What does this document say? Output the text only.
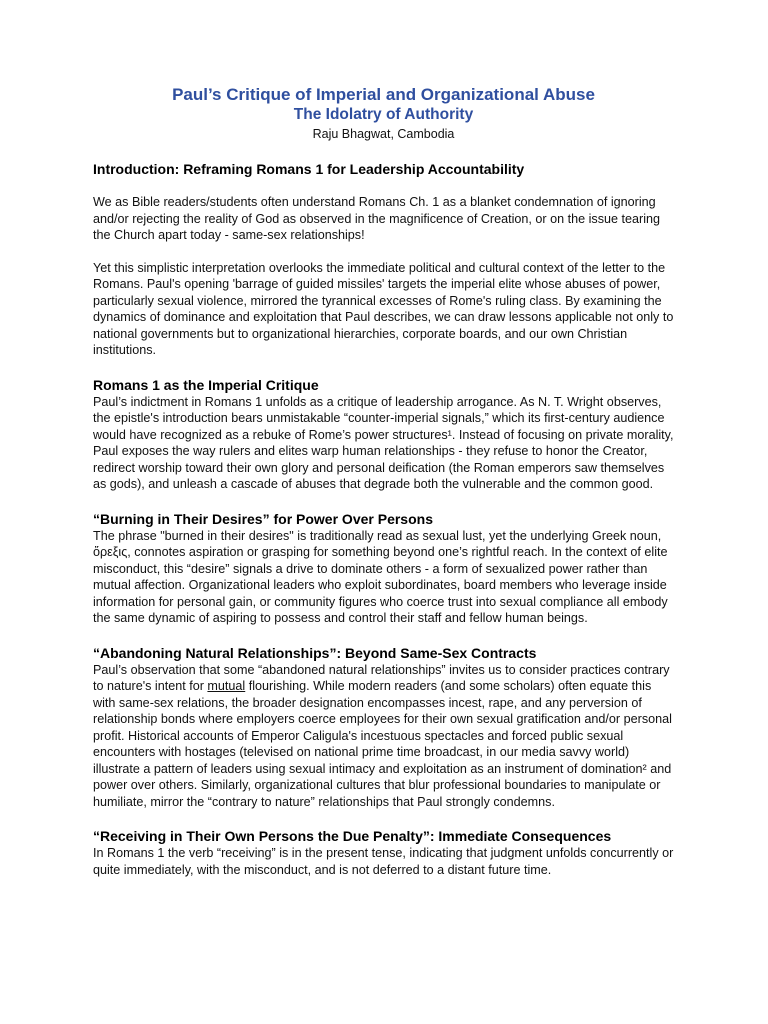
Paul’s Critique of Imperial and Organizational Abuse
The Idolatry of Authority
Raju Bhagwat, Cambodia
Introduction: Reframing Romans 1 for Leadership Accountability

We as Bible readers/students often understand Romans Ch. 1 as a blanket condemnation of ignoring and/or rejecting the reality of God as observed in the magnificence of Creation, or on the issue tearing the Church apart today - same-sex relationships!

Yet this simplistic interpretation overlooks the immediate political and cultural context of the letter to the Romans. Paul's opening 'barrage of guided missiles' targets the imperial elite whose abuses of power, particularly sexual violence, mirrored the tyrannical excesses of Rome's ruling class. By examining the dynamics of dominance and exploitation that Paul describes, we can draw lessons applicable not only to national governments but to organizational hierarchies, corporate boards, and our own Christian institutions.

Romans 1 as the Imperial Critique

Paul’s indictment in Romans 1 unfolds as a critique of leadership arrogance. As N. T. Wright observes, the epistle's introduction bears unmistakable “counter-imperial signals,” which its first-century audience would have recognized as a rebuke of Rome’s power structures¹. Instead of focusing on private morality, Paul exposes the way rulers and elites warp human relationships - they refuse to honor the Creator, redirect worship toward their own glory and personal deification (the Roman emperors saw themselves as gods), and unleash a cascade of abuses that degrade both the vulnerable and the common good.

“Burning in Their Desires” for Power Over Persons

The phrase "burned in their desires" is traditionally read as sexual lust, yet the underlying Greek noun, ὄρεξις, connotes aspiration or grasping for something beyond one’s rightful reach. In the context of elite misconduct, this “desire” signals a drive to dominate others - a form of sexualized power rather than mutual affection. Organizational leaders who exploit subordinates, board members who leverage inside information for personal gain, or community figures who coerce trust into sexual compliance all embody the same dynamic of aspiring to possess and control their staff and fellow human beings.

“Abandoning Natural Relationships”: Beyond Same-Sex Contracts

Paul’s observation that some “abandoned natural relationships” invites us to consider practices contrary to nature's intent for mutual flourishing. While modern readers (and some scholars) often equate this with same-sex relations, the broader designation encompasses incest, rape, and any perversion of relationship bonds where employers coerce employees for their own sexual gratification and/or personal profit. Historical accounts of Emperor Caligula's incestuous spectacles and forced public sexual encounters with hostages (televised on national prime time broadcast, in our media savvy world) illustrate a pattern of leaders using sexual intimacy and exploitation as an instrument of domination² and power over others. Similarly, organizational cultures that blur professional boundaries to manipulate or humiliate, mirror the “contrary to nature” relationships that Paul strongly condemns.

“Receiving in Their Own Persons the Due Penalty”: Immediate Consequences

In Romans 1 the verb “receiving” is in the present tense, indicating that judgment unfolds concurrently or quite immediately, with the misconduct, and is not deferred to a distant future time.
